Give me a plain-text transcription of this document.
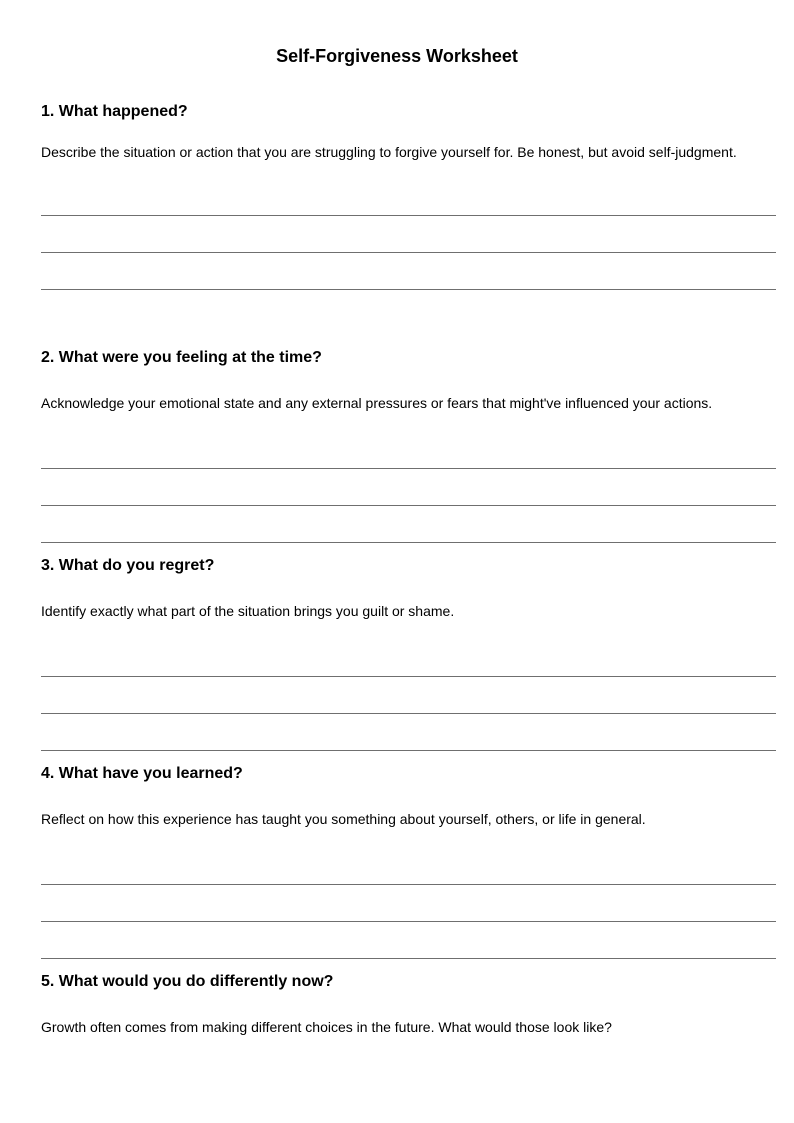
Self-Forgiveness Worksheet

1. What happened?

Describe the situation or action that you are struggling to forgive yourself for. Be honest, but avoid self-judgment.

2. What were you feeling at the time?

Acknowledge your emotional state and any external pressures or fears that might've influenced your actions.

3. What do you regret?

Identify exactly what part of the situation brings you guilt or shame.

4. What have you learned?

Reflect on how this experience has taught you something about yourself, others, or life in general.

5. What would you do differently now?

Growth often comes from making different choices in the future. What would those look like?
